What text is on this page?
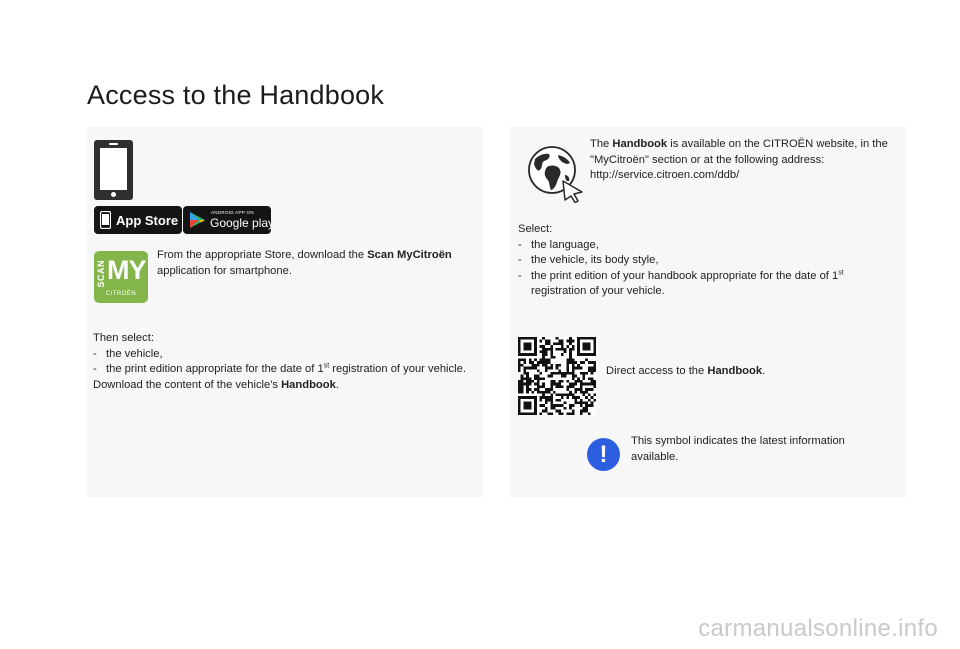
Access to the Handbook
App Store
ANDROID APP ON
Google play
SCAN MY
CITROËN
From the appropriate Store, download the Scan MyCitroën application for smartphone.
Then select:
- the vehicle,
- the print edition appropriate for the date of 1st registration of your vehicle.
Download the content of the vehicle's Handbook.
The Handbook is available on the CITROËN website, in the "MyCitroën" section or at the following address:
http://service.citroen.com/ddb/
Select:
- the language,
- the vehicle, its body style,
- the print edition of your handbook appropriate for the date of 1st registration of your vehicle.
Direct access to the Handbook.
!	This symbol indicates the latest information available.
carmanualsonline.info
